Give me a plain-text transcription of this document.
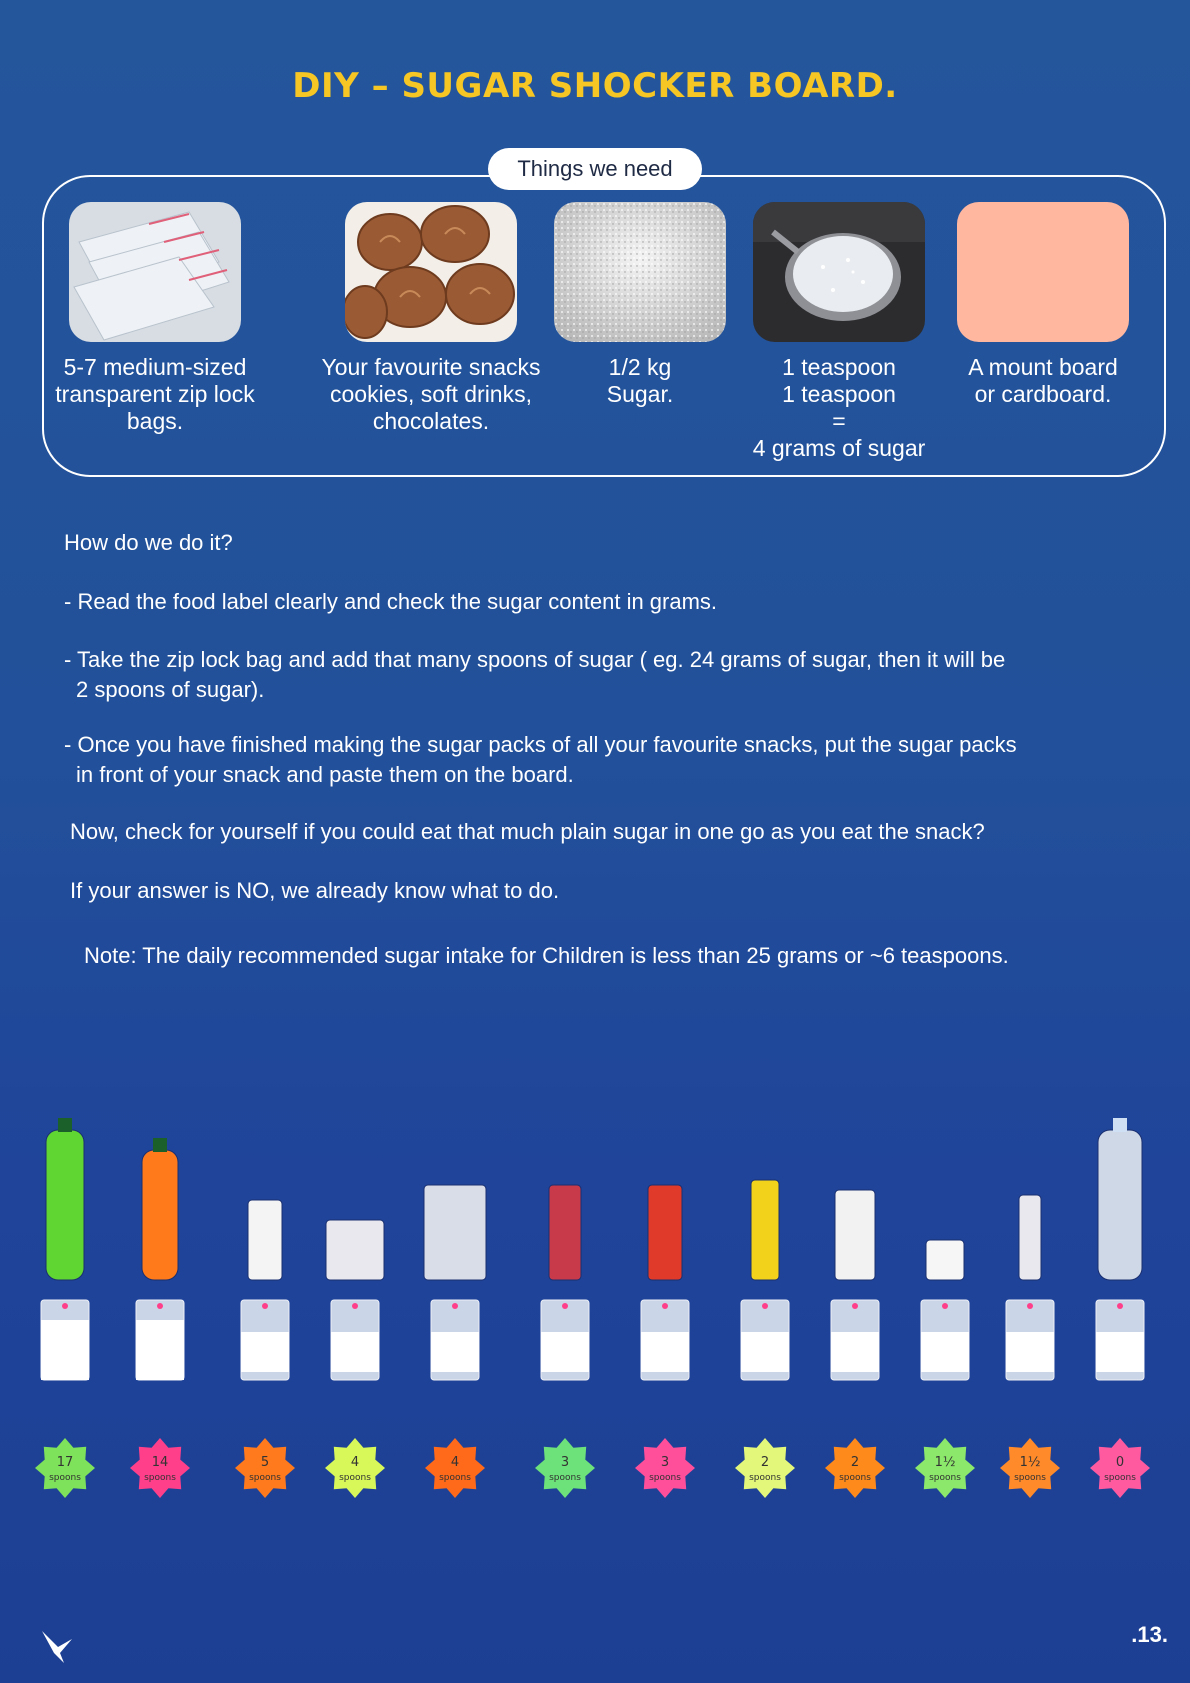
DIY – SUGAR SHOCKER BOARD.
Things we need
5-7 medium-sized
transparent zip lock
bags.
Your favourite snacks
cookies, soft drinks,
chocolates.
1/2 kg
Sugar.
1 teaspoon
1 teaspoon
=
4 grams of sugar
A mount board
or cardboard.
How do we do it?
- Read the food label clearly and check the sugar content in grams.
- Take the zip lock bag and add that many spoons of sugar ( eg. 24 grams of sugar, then it will be
2 spoons of sugar).
- Once you have finished making the sugar packs of all your favourite snacks, put the sugar packs
in front of your snack and paste them on the board.
Now, check for yourself if you could eat that much plain sugar in one go as you eat the snack?
If your answer is NO, we already know what to do.
Note: The daily recommended sugar intake for Children is less than 25 grams or ~6 teaspoons.
17
spoons
14
spoons
5
spoons
4
spoons
4
spoons
3
spoons
3
spoons
2
spoons
2
spoons
1½
spoons
1½
spoons
0
spoons
.13.
